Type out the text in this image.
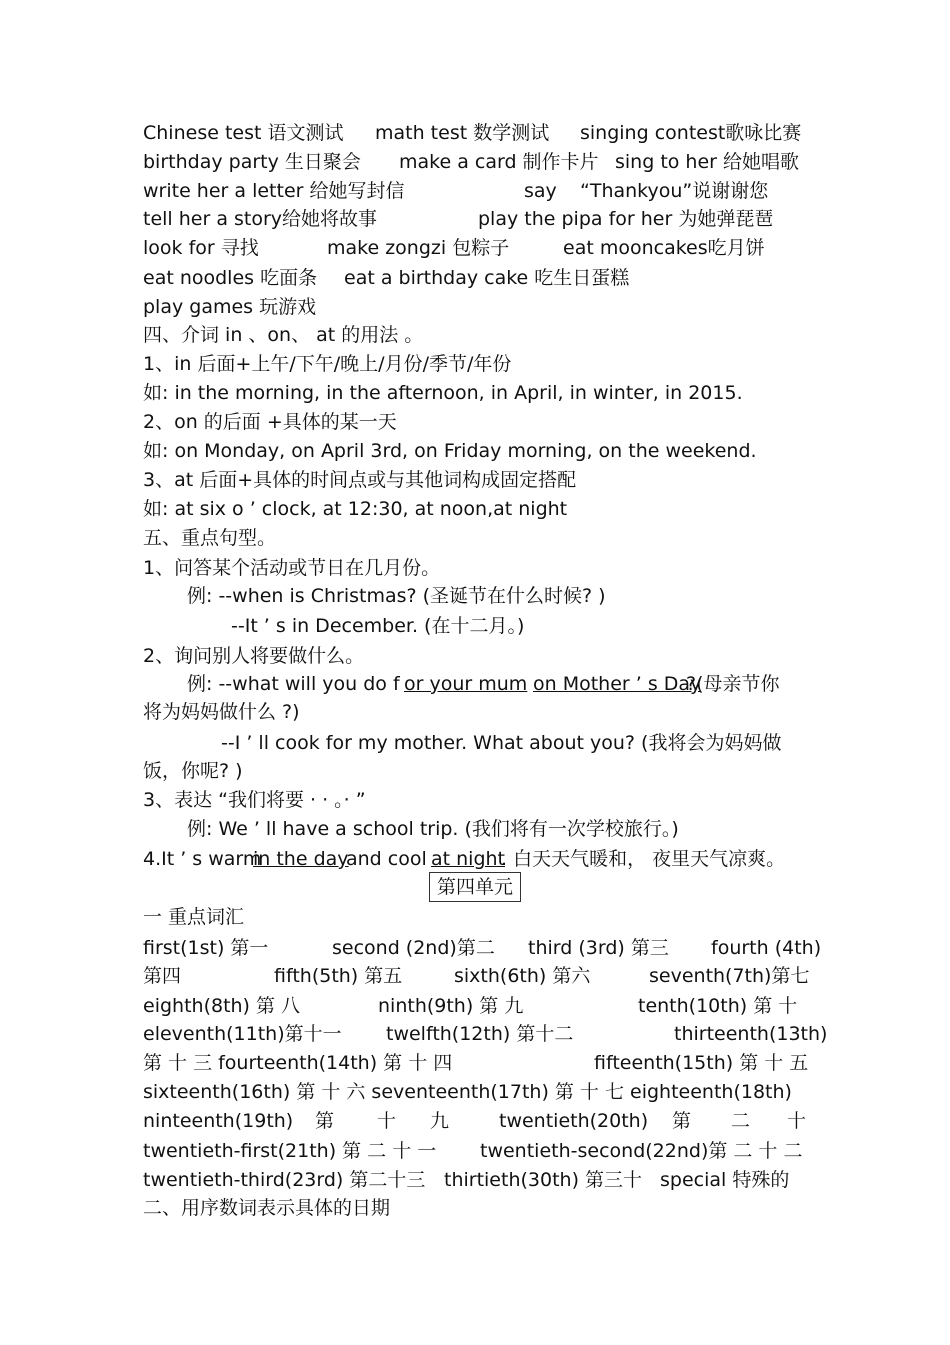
Chinese test 语文测试 math test 数学测试 singing contest歌咏比赛
birthday party 生日聚会 make a card 制作卡片 sing to her 给她唱歌
write her a letter 给她写封信	say “Thankyou”说谢谢您
tell her a story给她将故事	play the pipa for her 为她弹琵琶
look for 寻找	make zongzi 包粽子	eat mooncakes吃月饼
eat noodles 吃面条 eat a birthday cake 吃生日蛋糕
play games 玩游戏
四、介词 in 、on、 at 的用法 。
1、in 后面+上午/下午/晚上/月份/季节/年份
如: in the morning, in the afternoon, in April, in winter, in 2015.
2、on 的后面 +具体的某一天
如: on Monday, on April 3rd, on Friday morning, on the weekend.
3、at 后面+具体的时间点或与其他词构成固定搭配
如: at six o ’ clock, at 12:30, at noon,at night
五、重点句型。
1、问答某个活动或节日在几月份。
例: --when is Christmas? (圣诞节在什么时候? )
--It ’ s in December. (在十二月。)
2、询问别人将要做什么。
例: --what will you do f or your mum on Mother ’ s Day
?(母亲节你
将为妈妈做什么 ?)
--I ’ ll cook for my mother. What about you? (我将会为妈妈做
饭，你呢? )
3、表达 “我们将要 · · 。· ”
例: We ’ ll have a school trip. (我们将有一次学校旅行。)
4.It ’ s warm
in the day
and cool at night
. 白天天气暖和， 夜里天气凉爽。
一 重点词汇
first(1st) 第一	second (2nd)第二 third (3rd) 第三 fourth (4th)
第四	fifth(5th) 第五	sixth(6th) 第六	seventh(7th)第七
eighth(8th) 第 八	ninth(9th) 第 九	tenth(10th) 第 十
eleventh(11th)第十一 twelfth(12th) 第十二	thirteenth(13th)
第 十 三 fourteenth(14th) 第 十 四	fifteenth(15th) 第 十 五
sixteenth(16th) 第 十 六 seventeenth(17th) 第 十 七 eighteenth(18th)
ninteenth(19th) 第 十 九	twentieth(20th) 第 二 十
twentieth-first(21th) 第 二 十 一 twentieth-second(22nd)第 二 十 二
twentieth-third(23rd) 第二十三 thirtieth(30th) 第三十 special 特殊的
二、用序数词表示具体的日期
第四单元
